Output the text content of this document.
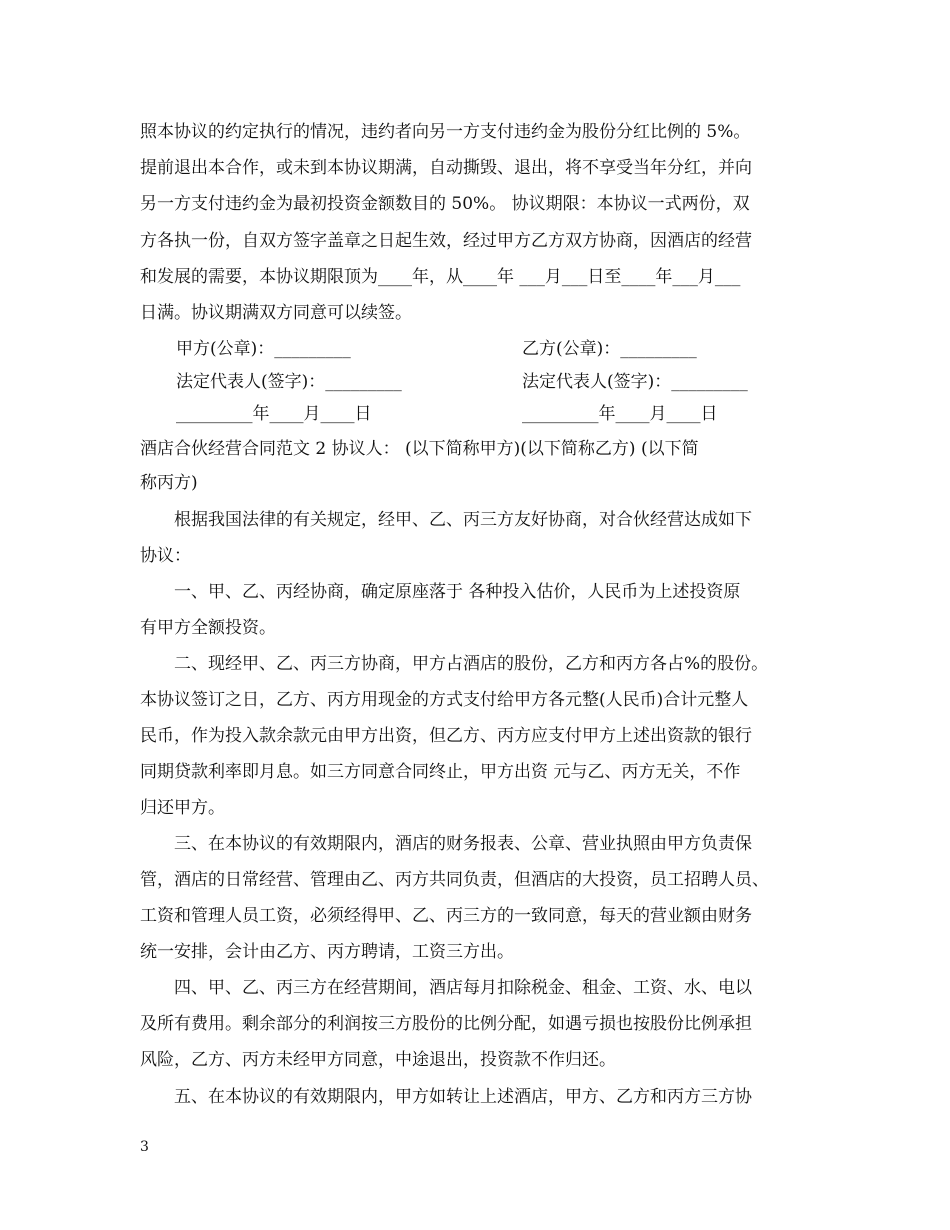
照本协议的约定执行的情况，违约者向另一方支付违约金为股份分红比例的 5%。
提前退出本合作，或未到本协议期满，自动撕毁、退出，将不享受当年分红，并向
另一方支付违约金为最初投资金额数目的 50%。 协议期限：本协议一式两份，双
方各执一份，自双方签字盖章之日起生效，经过甲方乙方双方协商，因酒店的经营
和发展的需要，本协议期限顶为____年，从____年 ___月___日至____年___月___
日满。协议期满双方同意可以续签。
甲方(公章)：_________	乙方(公章)：_________
法定代表人(签字)：_________	法定代表人(签字)：_________
_________年____月____日	_________年____月____日
酒店合伙经营合同范文 2 协议人： (以下简称甲方)(以下简称乙方) (以下简
称丙方)
根据我国法律的有关规定，经甲、乙、丙三方友好协商，对合伙经营达成如下
协议：
一、甲、乙、丙经协商，确定原座落于 各种投入估价，人民币为上述投资原
有甲方全额投资。
二、现经甲、乙、丙三方协商，甲方占酒店的股份，乙方和丙方各占%的股份。
本协议签订之日，乙方、丙方用现金的方式支付给甲方各元整(人民币)合计元整人
民币，作为投入款余款元由甲方出资，但乙方、丙方应支付甲方上述出资款的银行
同期贷款利率即月息。如三方同意合同终止，甲方出资 元与乙、丙方无关，不作
归还甲方。
三、在本协议的有效期限内，酒店的财务报表、公章、营业执照由甲方负责保
管，酒店的日常经营、管理由乙、丙方共同负责，但酒店的大投资，员工招聘人员、
工资和管理人员工资，必须经得甲、乙、丙三方的一致同意，每天的营业额由财务
统一安排，会计由乙方、丙方聘请，工资三方出。
四、甲、乙、丙三方在经营期间，酒店每月扣除税金、租金、工资、水、电以
及所有费用。剩余部分的利润按三方股份的比例分配，如遇亏损也按股份比例承担
风险，乙方、丙方未经甲方同意，中途退出，投资款不作归还。
五、在本协议的有效期限内，甲方如转让上述酒店，甲方、乙方和丙方三方协
3
